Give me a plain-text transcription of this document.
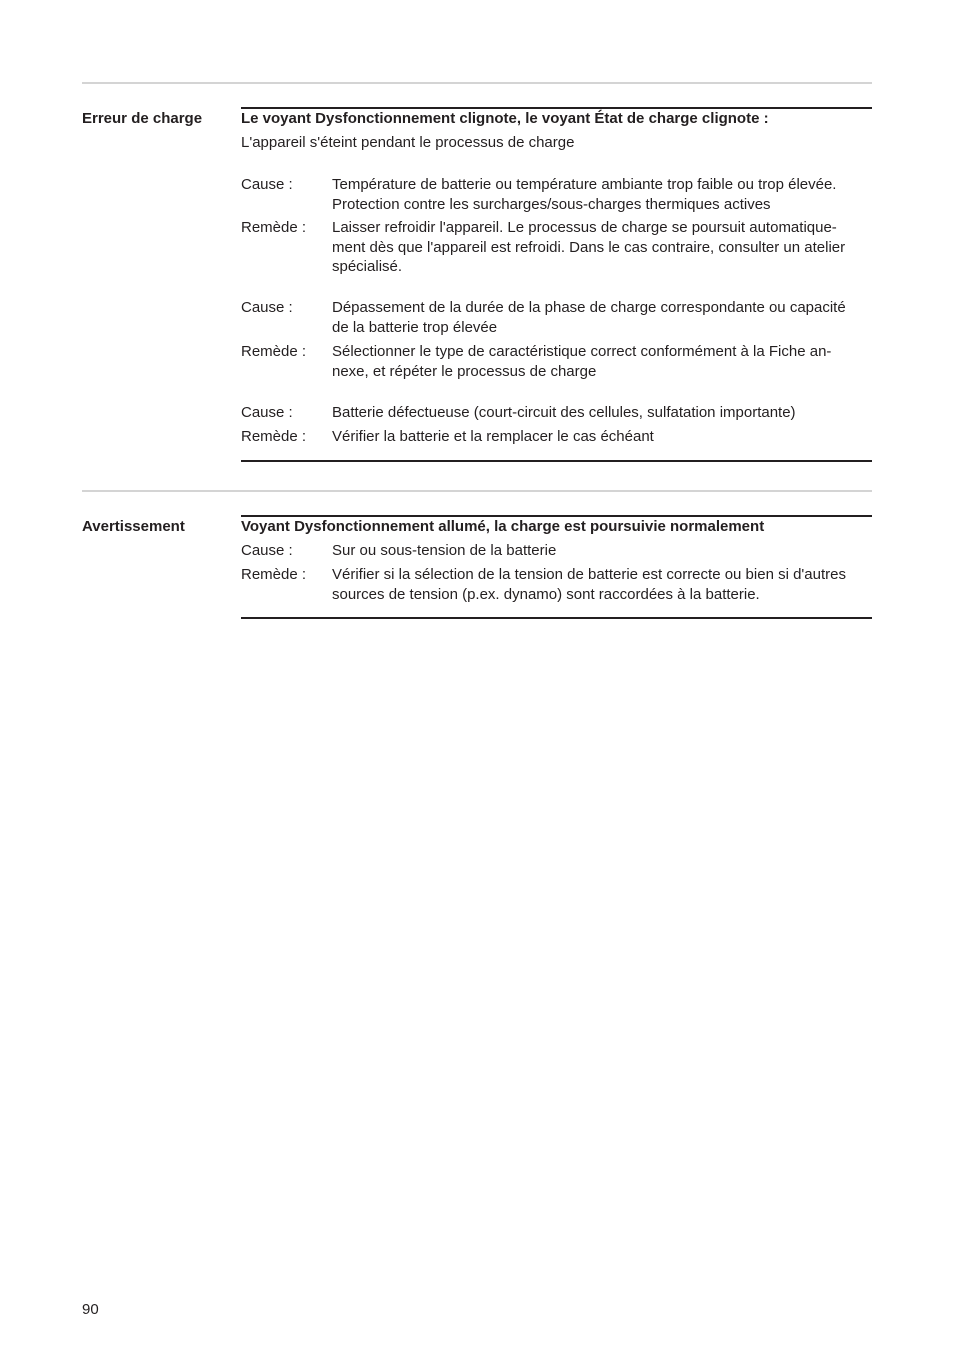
Erreur de charge	Le voyant Dysfonctionnement clignote, le voyant État de charge clignote :
L'appareil s'éteint pendant le processus de charge
Cause :	Température de batterie ou température ambiante trop faible ou trop élevée.
Protection contre les surcharges/sous-charges thermiques actives
Remède : Laisser refroidir l'appareil. Le processus de charge se poursuit automatique-
ment dès que l'appareil est refroidi. Dans le cas contraire, consulter un atelier
spécialisé.
Cause :	Dépassement de la durée de la phase de charge correspondante ou capacité
de la batterie trop élevée
Remède : Sélectionner le type de caractéristique correct conformément à la Fiche an-
nexe, et répéter le processus de charge
Cause :	Batterie défectueuse (court-circuit des cellules, sulfatation importante)
Remède : Vérifier la batterie et la remplacer le cas échéant
Avertissement	Voyant Dysfonctionnement allumé, la charge est poursuivie normalement
Cause :	Sur ou sous-tension de la batterie
Remède : Vérifier si la sélection de la tension de batterie est correcte ou bien si d'autres
sources de tension (p.ex. dynamo) sont raccordées à la batterie.
90
